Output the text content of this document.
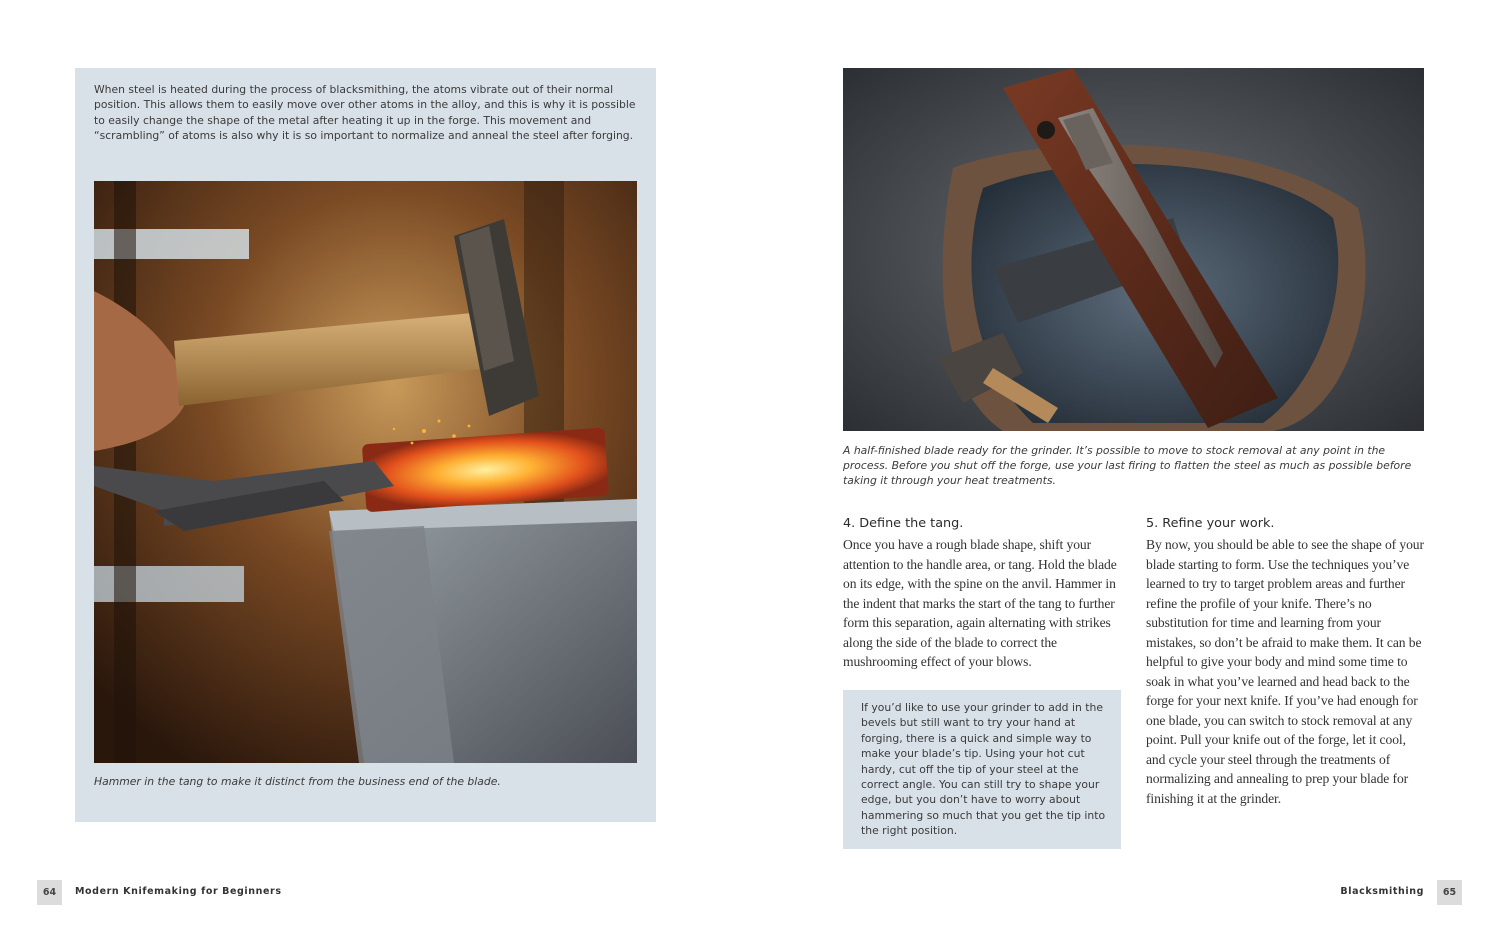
When steel is heated during the process of blacksmithing, the atoms vibrate out of their normal position. This allows them to easily move over other atoms in the alloy, and this is why it is possible to easily change the shape of the metal after heating it up in the forge. This movement and “scrambling” of atoms is also why it is so important to normalize and anneal the steel after forging.

Hammer in the tang to make it distinct from the business end of the blade.

64	Modern Knifemaking for Beginners

A half-finished blade ready for the grinder. It’s possible to move to stock removal at any point in the process. Before you shut off the forge, use your last firing to flatten the steel as much as possible before taking it through your heat treatments.

4. Define the tang.

Once you have a rough blade shape, shift your attention to the handle area, or tang. Hold the blade on its edge, with the spine on the anvil. Hammer in the indent that marks the start of the tang to further form this separation, again alternating with strikes along the side of the blade to correct the mushrooming effect of your blows.

If you’d like to use your grinder to add in the bevels but still want to try your hand at forging, there is a quick and simple way to make your blade’s tip. Using your hot cut hardy, cut off the tip of your steel at the correct angle. You can still try to shape your edge, but you don’t have to worry about hammering so much that you get the tip into the right position.

5. Refine your work.

By now, you should be able to see the shape of your blade starting to form. Use the techniques you’ve learned to try to target problem areas and further refine the profile of your knife. There’s no substitution for time and learning from your mistakes, so don’t be afraid to make them. It can be helpful to give your body and mind some time to soak in what you’ve learned and head back to the forge for your next knife. If you’ve had enough for one blade, you can switch to stock removal at any point. Pull your knife out of the forge, let it cool, and cycle your steel through the treatments of normalizing and annealing to prep your blade for finishing it at the grinder.

Blacksmithing	65
